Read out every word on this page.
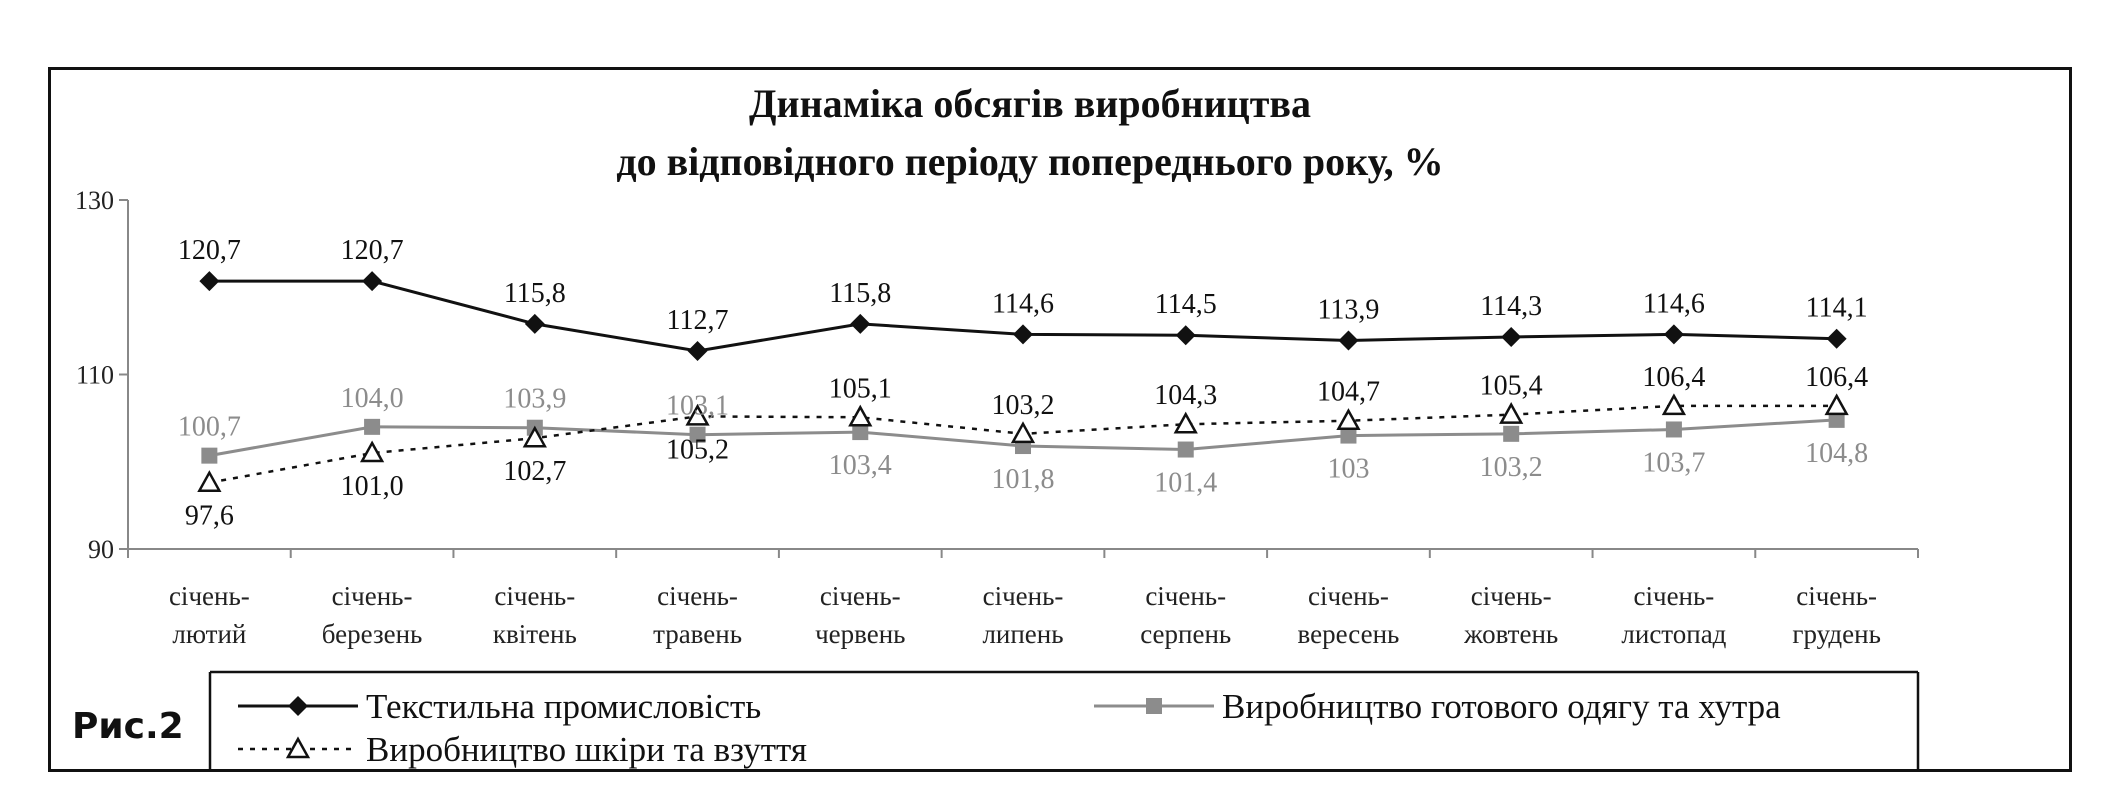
Рис.2
Динаміка обсягів виробництва
до відповідного періоду попереднього року, %
90
110
130
січень-лютий
січень-березень
січень-квітень
січень-травень
січень-червень
січень-липень
січень-серпень
січень-вересень
січень-жовтень
січень-листопад
січень-грудень
120,7	120,7
115,8
112,7
115,8	114,6	114,5	113,9	114,3	114,6	114,1
100,7
104,0	103,9	103,1
103,4	101,8	101,4	103	103,2	103,7	104,8
97,6
101,0	102,7
105,2
105,1
103,2	104,3	104,7	105,4	106,4	106,4
Текстильна промисловість	Виробництво готового одягу та хутра
Виробництво шкіри та взуття
